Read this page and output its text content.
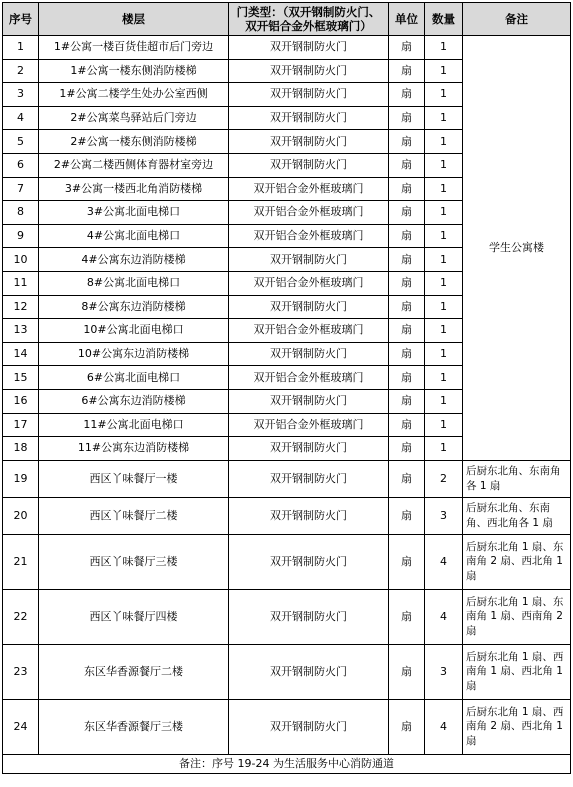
序号	楼层	门类型：（双开钢制防火门、双开铝合金外框玻璃门）	单位	数量	备注
1	1#公寓一楼百货佳超市后门旁边	双开钢制防火门	扇	1	学生公寓楼
2	1#公寓一楼东侧消防楼梯	双开钢制防火门	扇	1	
3	1#公寓二楼学生处办公室西侧	双开钢制防火门	扇	1	
4	2#公寓菜鸟驿站后门旁边	双开钢制防火门	扇	1	
5	2#公寓一楼东侧消防楼梯	双开钢制防火门	扇	1	
6	2#公寓二楼西侧体育器材室旁边	双开钢制防火门	扇	1	
7	3#公寓一楼西北角消防楼梯	双开铝合金外框玻璃门	扇	1	
8	3#公寓北面电梯口	双开铝合金外框玻璃门	扇	1	
9	4#公寓北面电梯口	双开铝合金外框玻璃门	扇	1	
10	4#公寓东边消防楼梯	双开钢制防火门	扇	1	
11	8#公寓北面电梯口	双开铝合金外框玻璃门	扇	1	
12	8#公寓东边消防楼梯	双开钢制防火门	扇	1	
13	10#公寓北面电梯口	双开铝合金外框玻璃门	扇	1	
14	10#公寓东边消防楼梯	双开钢制防火门	扇	1	
15	6#公寓北面电梯口	双开铝合金外框玻璃门	扇	1	
16	6#公寓东边消防楼梯	双开钢制防火门	扇	1	
17	11#公寓北面电梯口	双开铝合金外框玻璃门	扇	1	
18	11#公寓东边消防楼梯	双开钢制防火门	扇	1	
19	西区丫味餐厅一楼	双开钢制防火门	扇	2	后厨东北角、东南角各 1 扇
20	西区丫味餐厅二楼	双开钢制防火门	扇	3	后厨东北角、东南角、西北角各 1 扇
21	西区丫味餐厅三楼	双开钢制防火门	扇	4	后厨东北角 1 扇、东南角 2 扇、西北角 1 扇
22	西区丫味餐厅四楼	双开钢制防火门	扇	4	后厨东北角 1 扇、东南角 1 扇、西南角 2 扇
23	东区华香源餐厅二楼	双开钢制防火门	扇	3	后厨东北角 1 扇、西南角 1 扇、西北角 1 扇
24	东区华香源餐厅三楼	双开钢制防火门	扇	4	后厨东北角 1 扇、西南角 2 扇、西北角 1 扇
备注：序号 19-24 为生活服务中心消防通道					
